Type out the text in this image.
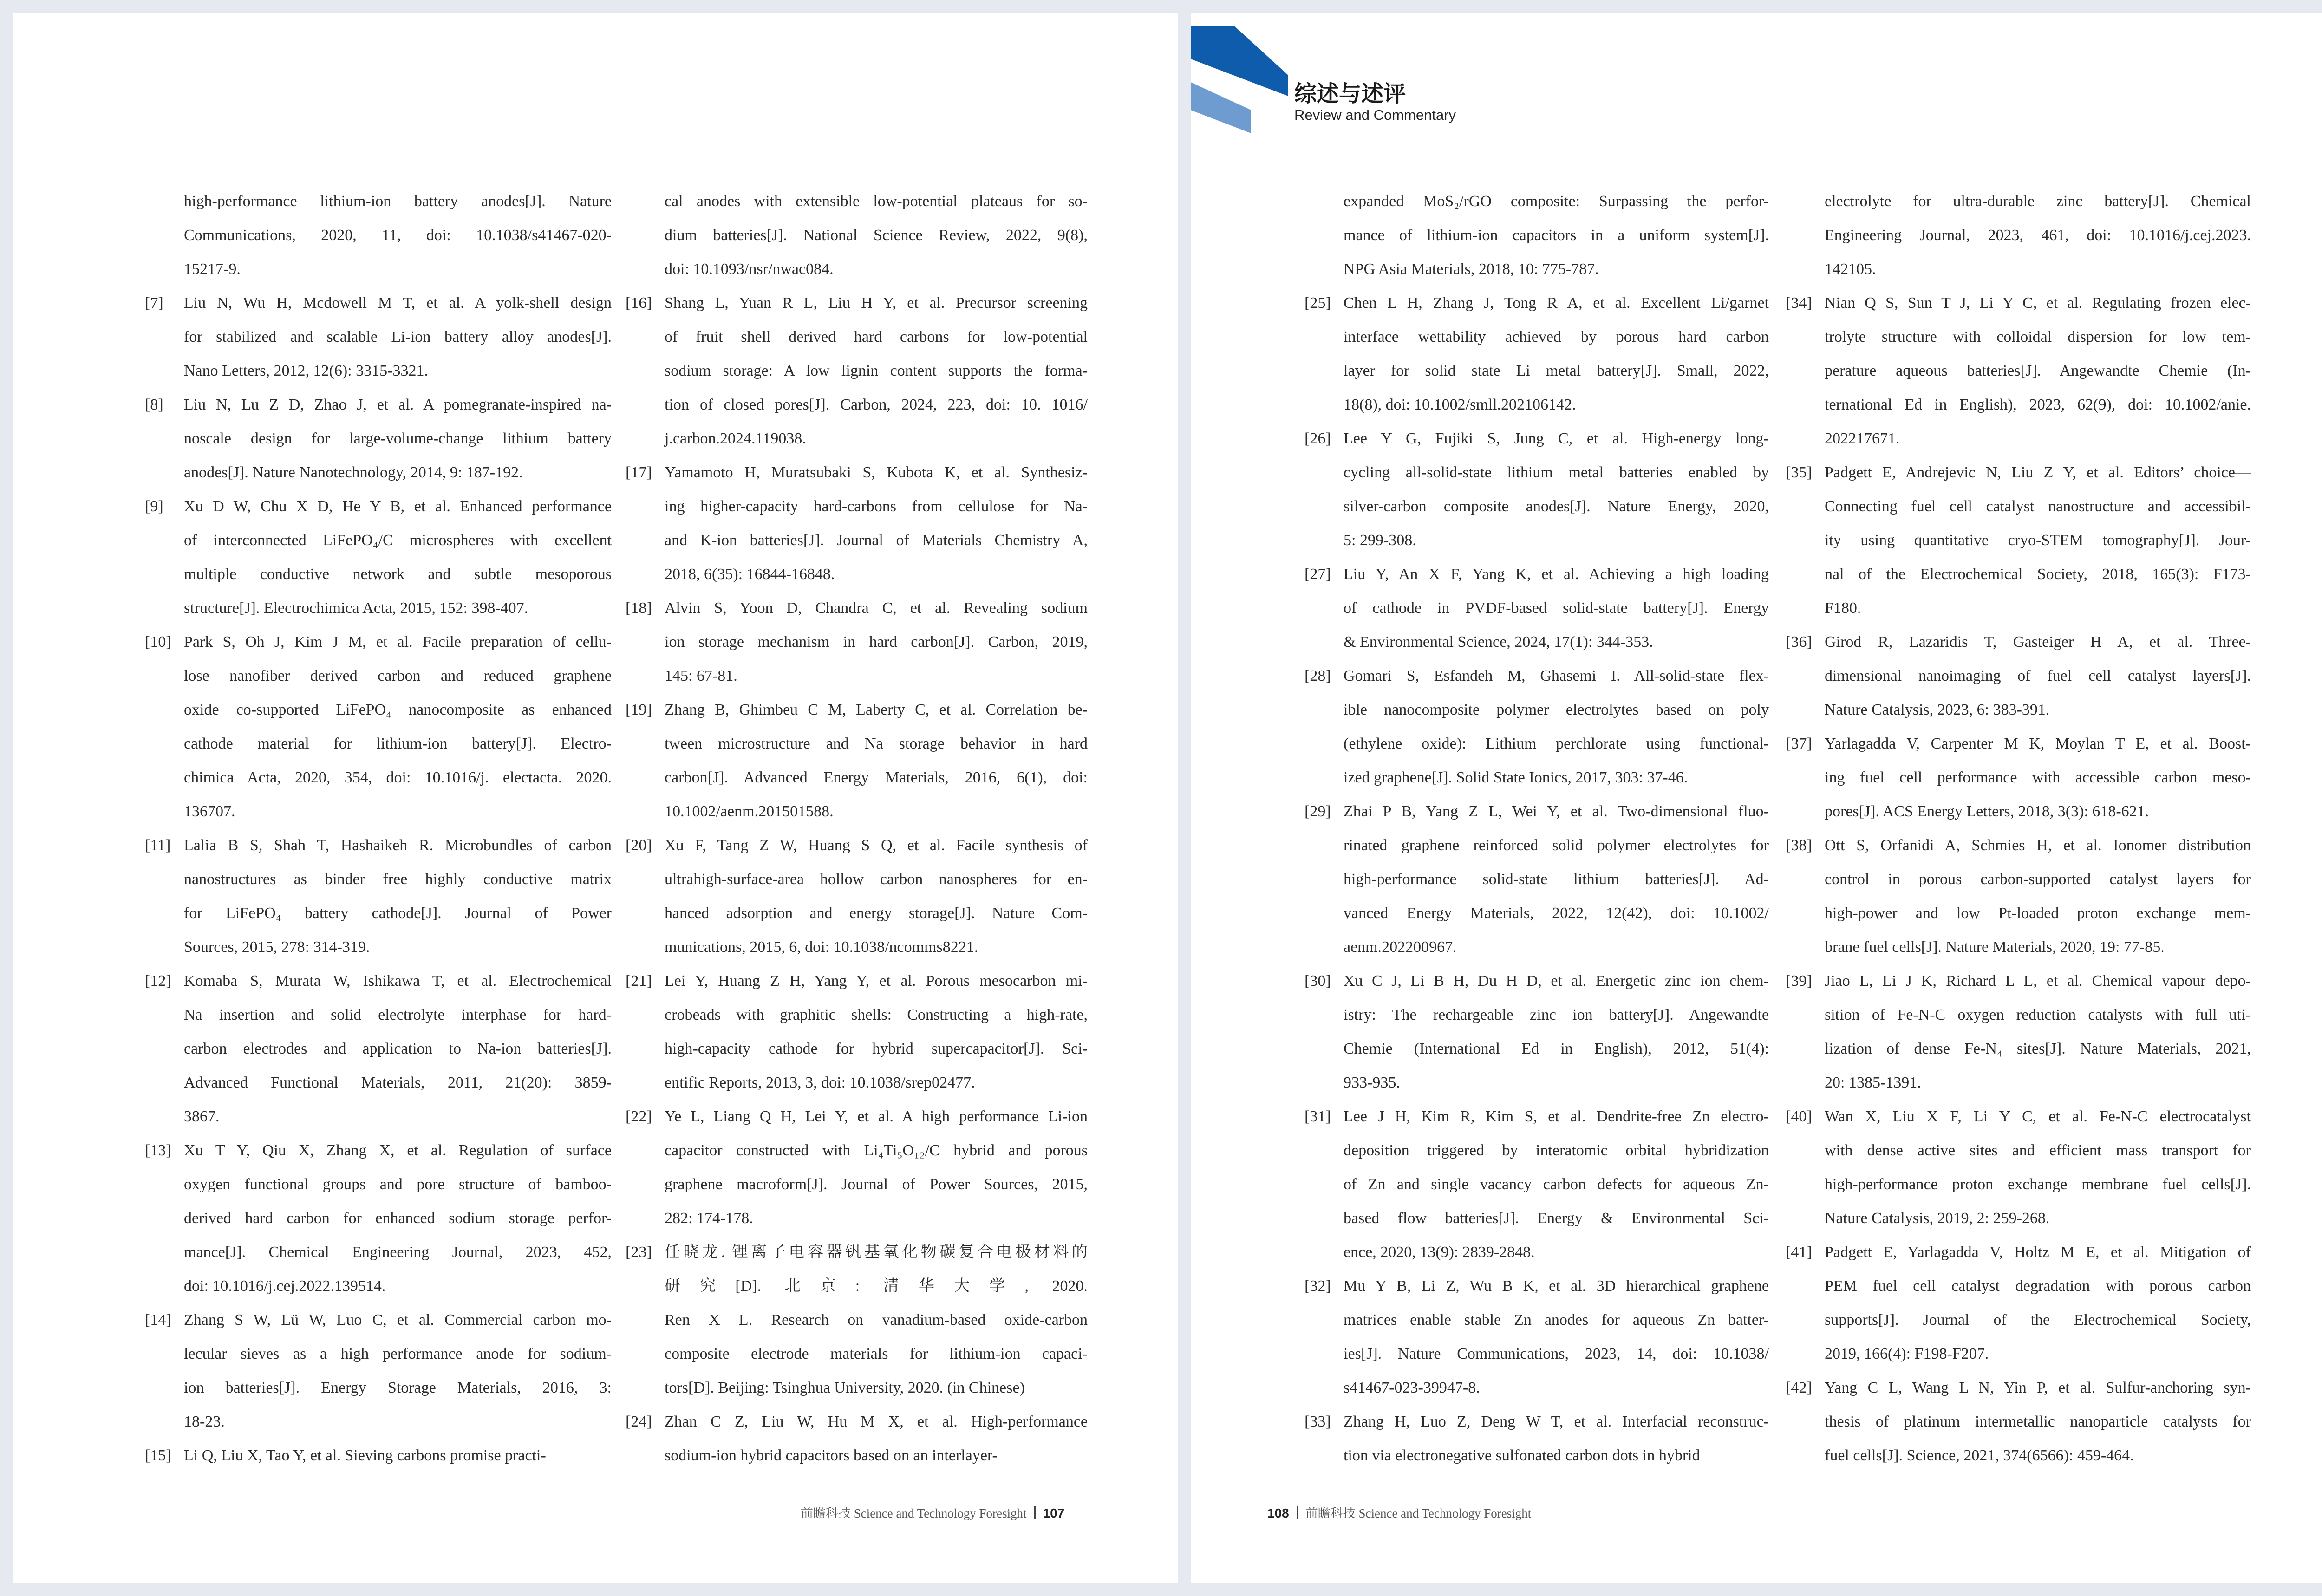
high-performance lithium-ion battery anodes[J]. Nature
Communications, 2020, 11, doi: 10.1038/s41467-020-
15217-9.
[7] Liu N, Wu H, Mcdowell M T, et al. A yolk-shell design
for stabilized and scalable Li-ion battery alloy anodes[J].
Nano Letters, 2012, 12(6): 3315-3321.
[8] Liu N, Lu Z D, Zhao J, et al. A pomegranate-inspired na-
noscale design for large-volume-change lithium battery
anodes[J]. Nature Nanotechnology, 2014, 9: 187-192.
[9] Xu D W, Chu X D, He Y B, et al. Enhanced performance
of interconnected LiFePO₄/C microspheres with excellent
multiple conductive network and subtle mesoporous
structure[J]. Electrochimica Acta, 2015, 152: 398-407.
[10] Park S, Oh J, Kim J M, et al. Facile preparation of cellu-
lose nanofiber derived carbon and reduced graphene
oxide co-supported LiFePO₄ nanocomposite as enhanced
cathode material for lithium-ion battery[J]. Electro-
chimica Acta, 2020, 354, doi: 10.1016/j. electacta. 2020.
136707.
[11] Lalia B S, Shah T, Hashaikeh R. Microbundles of carbon
nanostructures as binder free highly conductive matrix
for LiFePO₄ battery cathode[J]. Journal of Power
Sources, 2015, 278: 314-319.
[12] Komaba S, Murata W, Ishikawa T, et al. Electrochemical
Na insertion and solid electrolyte interphase for hard-
carbon electrodes and application to Na-ion batteries[J].
Advanced Functional Materials, 2011, 21(20): 3859-
3867.
[13] Xu T Y, Qiu X, Zhang X, et al. Regulation of surface
oxygen functional groups and pore structure of bamboo-
derived hard carbon for enhanced sodium storage perfor-
mance[J]. Chemical Engineering Journal, 2023, 452,
doi: 10.1016/j.cej.2022.139514.
[14] Zhang S W, Lü W, Luo C, et al. Commercial carbon mo-
lecular sieves as a high performance anode for sodium-
ion batteries[J]. Energy Storage Materials, 2016, 3:
18-23.
[15] Li Q, Liu X, Tao Y, et al. Sieving carbons promise practi-
cal anodes with extensible low-potential plateaus for so-
dium batteries[J]. National Science Review, 2022, 9(8),
doi: 10.1093/nsr/nwac084.
[16] Shang L, Yuan R L, Liu H Y, et al. Precursor screening
of fruit shell derived hard carbons for low-potential
sodium storage: A low lignin content supports the forma-
tion of closed pores[J]. Carbon, 2024, 223, doi: 10. 1016/
j.carbon.2024.119038.
[17] Yamamoto H, Muratsubaki S, Kubota K, et al. Synthesiz-
ing higher-capacity hard-carbons from cellulose for Na-
and K-ion batteries[J]. Journal of Materials Chemistry A,
2018, 6(35): 16844-16848.
[18] Alvin S, Yoon D, Chandra C, et al. Revealing sodium
ion storage mechanism in hard carbon[J]. Carbon, 2019,
145: 67-81.
[19] Zhang B, Ghimbeu C M, Laberty C, et al. Correlation be-
tween microstructure and Na storage behavior in hard
carbon[J]. Advanced Energy Materials, 2016, 6(1), doi:
10.1002/aenm.201501588.
[20] Xu F, Tang Z W, Huang S Q, et al. Facile synthesis of
ultrahigh-surface-area hollow carbon nanospheres for en-
hanced adsorption and energy storage[J]. Nature Com-
munications, 2015, 6, doi: 10.1038/ncomms8221.
[21] Lei Y, Huang Z H, Yang Y, et al. Porous mesocarbon mi-
crobeads with graphitic shells: Constructing a high-rate,
high-capacity cathode for hybrid supercapacitor[J]. Sci-
entific Reports, 2013, 3, doi: 10.1038/srep02477.
[22] Ye L, Liang Q H, Lei Y, et al. A high performance Li-ion
capacitor constructed with Li₄Ti₅O₁₂/C hybrid and porous
graphene macroform[J]. Journal of Power Sources, 2015,
282: 174-178.
[23] 任晓龙. 锂离子电容器钒基氧化物碳复合电极材料的
研究[D]. 北京: 清华大学, 2020.
Ren X L. Research on vanadium-based oxide-carbon
composite electrode materials for lithium-ion capaci-
tors[D]. Beijing: Tsinghua University, 2020. (in Chinese)
[24] Zhan C Z, Liu W, Hu M X, et al. High-performance
sodium-ion hybrid capacitors based on an interlayer-
前瞻科技 Science and Technology Foresight 107
综述与述评
Review and Commentary
expanded MoS₂/rGO composite: Surpassing the perfor-
mance of lithium-ion capacitors in a uniform system[J].
NPG Asia Materials, 2018, 10: 775-787.
[25] Chen L H, Zhang J, Tong R A, et al. Excellent Li/garnet
interface wettability achieved by porous hard carbon
layer for solid state Li metal battery[J]. Small, 2022,
18(8), doi: 10.1002/smll.202106142.
[26] Lee Y G, Fujiki S, Jung C, et al. High-energy long-
cycling all-solid-state lithium metal batteries enabled by
silver-carbon composite anodes[J]. Nature Energy, 2020,
5: 299-308.
[27] Liu Y, An X F, Yang K, et al. Achieving a high loading
of cathode in PVDF-based solid-state battery[J]. Energy
& Environmental Science, 2024, 17(1): 344-353.
[28] Gomari S, Esfandeh M, Ghasemi I. All-solid-state flex-
ible nanocomposite polymer electrolytes based on poly
(ethylene oxide): Lithium perchlorate using functional-
ized graphene[J]. Solid State Ionics, 2017, 303: 37-46.
[29] Zhai P B, Yang Z L, Wei Y, et al. Two-dimensional fluo-
rinated graphene reinforced solid polymer electrolytes for
high-performance solid-state lithium batteries[J]. Ad-
vanced Energy Materials, 2022, 12(42), doi: 10.1002/
aenm.202200967.
[30] Xu C J, Li B H, Du H D, et al. Energetic zinc ion chem-
istry: The rechargeable zinc ion battery[J]. Angewandte
Chemie (International Ed in English), 2012, 51(4):
933-935.
[31] Lee J H, Kim R, Kim S, et al. Dendrite-free Zn electro-
deposition triggered by interatomic orbital hybridization
of Zn and single vacancy carbon defects for aqueous Zn-
based flow batteries[J]. Energy & Environmental Sci-
ence, 2020, 13(9): 2839-2848.
[32] Mu Y B, Li Z, Wu B K, et al. 3D hierarchical graphene
matrices enable stable Zn anodes for aqueous Zn batter-
ies[J]. Nature Communications, 2023, 14, doi: 10.1038/
s41467-023-39947-8.
[33] Zhang H, Luo Z, Deng W T, et al. Interfacial reconstruc-
tion via electronegative sulfonated carbon dots in hybrid
electrolyte for ultra-durable zinc battery[J]. Chemical
Engineering Journal, 2023, 461, doi: 10.1016/j.cej.2023.
142105.
[34] Nian Q S, Sun T J, Li Y C, et al. Regulating frozen elec-
trolyte structure with colloidal dispersion for low tem-
perature aqueous batteries[J]. Angewandte Chemie (In-
ternational Ed in English), 2023, 62(9), doi: 10.1002/anie.
202217671.
[35] Padgett E, Andrejevic N, Liu Z Y, et al. Editors’ choice—
Connecting fuel cell catalyst nanostructure and accessibil-
ity using quantitative cryo-STEM tomography[J]. Jour-
nal of the Electrochemical Society, 2018, 165(3): F173-
F180.
[36] Girod R, Lazaridis T, Gasteiger H A, et al. Three-
dimensional nanoimaging of fuel cell catalyst layers[J].
Nature Catalysis, 2023, 6: 383-391.
[37] Yarlagadda V, Carpenter M K, Moylan T E, et al. Boost-
ing fuel cell performance with accessible carbon meso-
pores[J]. ACS Energy Letters, 2018, 3(3): 618-621.
[38] Ott S, Orfanidi A, Schmies H, et al. Ionomer distribution
control in porous carbon-supported catalyst layers for
high-power and low Pt-loaded proton exchange mem-
brane fuel cells[J]. Nature Materials, 2020, 19: 77-85.
[39] Jiao L, Li J K, Richard L L, et al. Chemical vapour depo-
sition of Fe-N-C oxygen reduction catalysts with full uti-
lization of dense Fe-N₄ sites[J]. Nature Materials, 2021,
20: 1385-1391.
[40] Wan X, Liu X F, Li Y C, et al. Fe-N-C electrocatalyst
with dense active sites and efficient mass transport for
high-performance proton exchange membrane fuel cells[J].
Nature Catalysis, 2019, 2: 259-268.
[41] Padgett E, Yarlagadda V, Holtz M E, et al. Mitigation of
PEM fuel cell catalyst degradation with porous carbon
supports[J]. Journal of the Electrochemical Society,
2019, 166(4): F198-F207.
[42] Yang C L, Wang L N, Yin P, et al. Sulfur-anchoring syn-
thesis of platinum intermetallic nanoparticle catalysts for
fuel cells[J]. Science, 2021, 374(6566): 459-464.
108 前瞻科技 Science and Technology Foresight
